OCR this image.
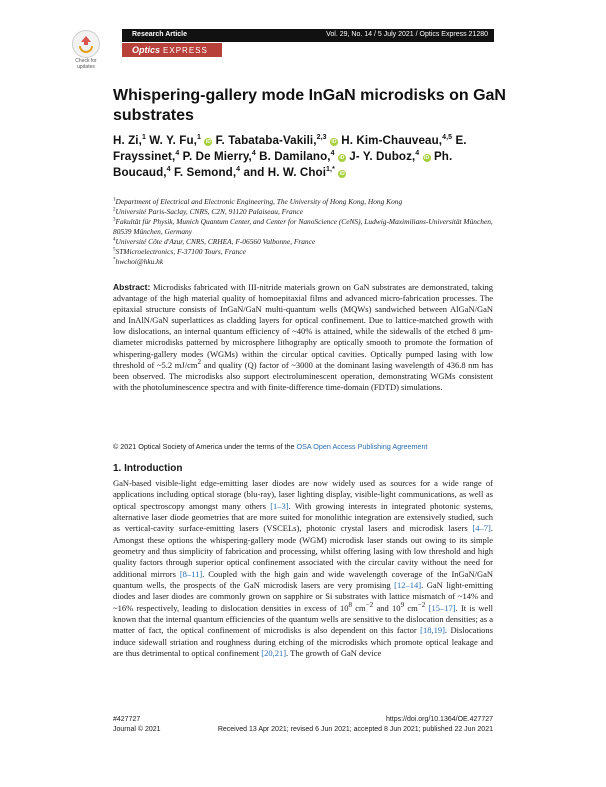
Check for
updates
Research Article	Vol. 29, No. 14 / 5 July 2021 / Optics Express 21280
Optics EXPRESS
Whispering-gallery mode InGaN microdisks on GaN substrates
H. Zi,$^1$ W. Y. Fu,$^1$ iD F. Tabataba-Vakili,$^{2,3}$ iD H. Kim-Chauveau,$^{4,5}$ E. Frayssinet,$^4$ P. De Mierry,$^4$ B. Damilano,$^4$ iD J- Y. Duboz,$^4$ iD Ph. Boucaud,$^4$ F. Semond,$^4$ and H. W. Choi$^{1,*}$ iD
$^1$Department of Electrical and Electronic Engineering, The University of Hong Kong, Hong Kong
$^2$Université Paris-Saclay, CNRS, C2N, 91120 Palaiseau, France
$^3$Fakultät für Physik, Munich Quantum Center, and Center for NanoScience (CeNS), Ludwig-Maximilians-Universität München, 80539 München, Germany
$^4$Université Côte d'Azur, CNRS, CRHEA, F-06560 Valbonne, France
$^5$STMicroelectronics, F-37100 Tours, France
*hwchoi@hku.hk

Abstract: Microdisks fabricated with III-nitride materials grown on GaN substrates are demonstrated, taking advantage of the high material quality of homoepitaxial films and advanced micro-fabrication processes. The epitaxial structure consists of InGaN/GaN multi-quantum wells (MQWs) sandwiched between AlGaN/GaN and InAlN/GaN superlattices as cladding layers for optical confinement. Due to lattice-matched growth with low dislocations, an internal quantum efficiency of ~40% is attained, while the sidewalls of the etched 8 μm-diameter microdisks patterned by microsphere lithography are optically smooth to promote the formation of whispering-gallery modes (WGMs) within the circular optical cavities. Optically pumped lasing with low threshold of ~5.2 $mJ/cm^2$ and quality (Q) factor of ~3000 at the dominant lasing wavelength of 436.8 nm has been observed. The microdisks also support electroluminescent operation, demonstrating WGMs consistent with the photoluminescence spectra and with finite-difference time-domain (FDTD) simulations.

© 2021 Optical Society of America under the terms of the OSA Open Access Publishing Agreement
1. Introduction

GaN-based visible-light edge-emitting laser diodes are now widely used as sources for a wide range of applications including optical storage (blu-ray), laser lighting display, visible-light communications, as well as optical spectroscopy amongst many others [1–3]. With growing interests in integrated photonic systems, alternative laser diode geometries that are more suited for monolithic integration are extensively studied, such as vertical-cavity surface-emitting lasers (VSCELs), photonic crystal lasers and microdisk lasers [4–7]. Amongst these options the whispering-gallery mode (WGM) microdisk laser stands out owing to its simple geometry and thus simplicity of fabrication and processing, whilst offering lasing with low threshold and high quality factors through superior optical confinement associated with the circular cavity without the need for additional mirrors [8–11]. Coupled with the high gain and wide wavelength coverage of the InGaN/GaN quantum wells, the prospects of the GaN microdisk lasers are very promising [12–14]. GaN light-emitting diodes and laser diodes are commonly grown on sapphire or Si substrates with lattice mismatch of ~14% and ~16% respectively, leading to dislocation densities in excess of $10^8$ $cm^{-2}$ and $10^9$ $cm^{-2}$ [15–17]. It is well known that the internal quantum efficiencies of the quantum wells are sensitive to the dislocation densities; as a matter of fact, the optical confinement of microdisks is also dependent on this factor [18,19]. Dislocations induce sidewall striation and roughness during etching of the microdisks which promote optical leakage and are thus detrimental to optical confinement [20,21]. The growth of GaN device

#427727
Journal © 2021
https://doi.org/10.1364/OE.427727
Received 13 Apr 2021; revised 6 Jun 2021; accepted 8 Jun 2021; published 22 Jun 2021
